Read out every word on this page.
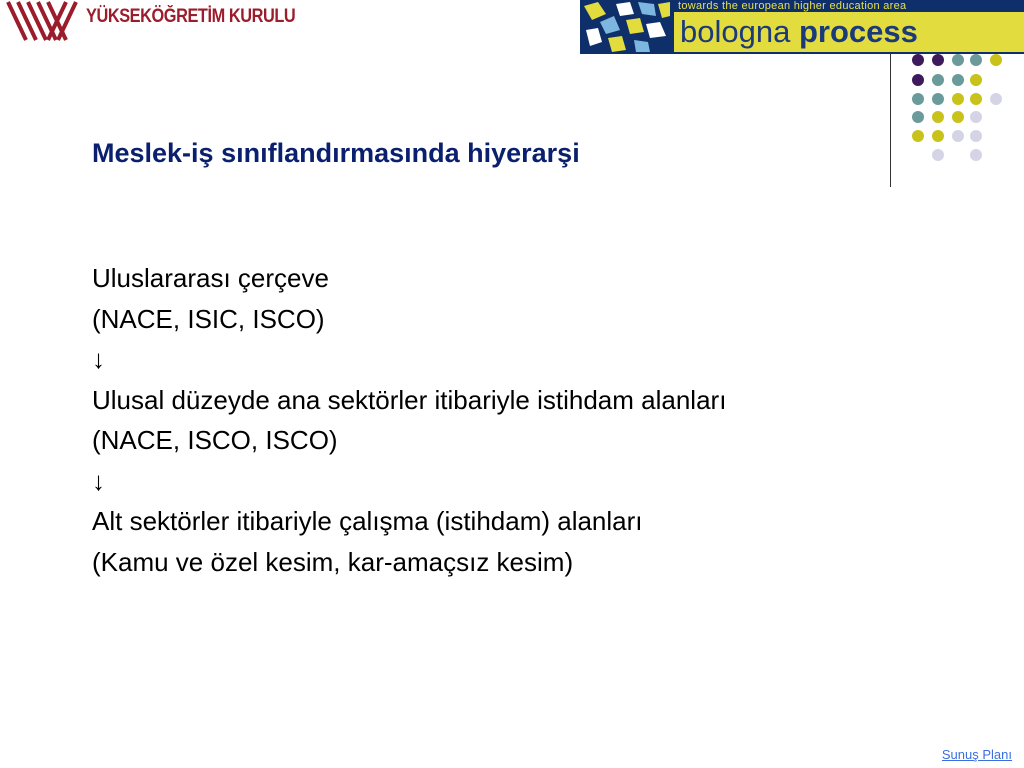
YÜKSEKÖĞRETİM KURULU	towards the european higher education area
bologna process
Meslek-iş sınıflandırmasında hiyerarşi
Uluslararası çerçeve
(NACE, ISIC, ISCO)
↓
Ulusal düzeyde ana sektörler itibariyle istihdam alanları
(NACE, ISCO, ISCO)
↓
Alt sektörler itibariyle çalışma (istihdam) alanları
(Kamu ve özel kesim, kar-amaçsız kesim)
Sunuş Planı
